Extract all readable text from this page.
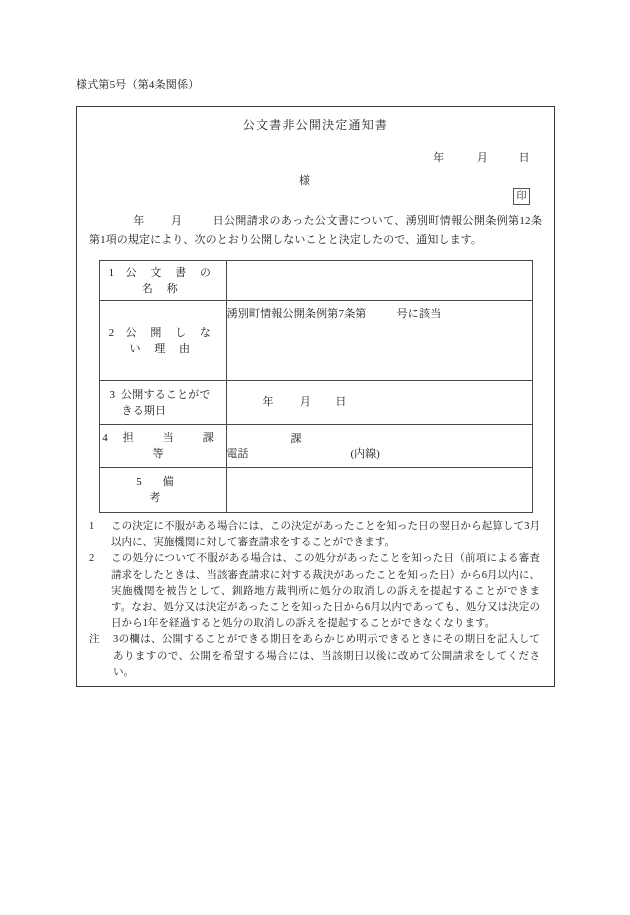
様式第5号（第4条関係）
公文書非公開決定通知書
年	月	日
様
印
年 月	日公開請求のあった公文書について、湧別町情報公開条例第12条第1項の規定により、次のとおり公開しないことと決定したので、通知します。
1 公 文 書 の 名 称	
2 公 開 し な い 理 由	湧別町情報公開条例第7条第 号に該当

3 公開することがで
きる期日	年 月 日

4 担　当　課　等	課
電話 (内線)

5 備　　　　　考	
1	この決定に不服がある場合には、この決定があったことを知った日の翌日から起算して3月以内に、実施機関に対して審査請求をすることができます。
2	この処分について不服がある場合は、この処分があったことを知った日（前項による審査請求をしたときは、当該審査請求に対する裁決があったことを知った日）から6月以内に、実施機関を被告として、釧路地方裁判所に処分の取消しの訴えを提起することができます。なお、処分又は決定があったことを知った日から6月以内であっても、処分又は決定の日から1年を経過すると処分の取消しの訴えを提起することができなくなります。
注	3の欄は、公開することができる期日をあらかじめ明示できるときにその期日を記入してありますので、公開を希望する場合には、当該期日以後に改めて公開請求をしてください。
